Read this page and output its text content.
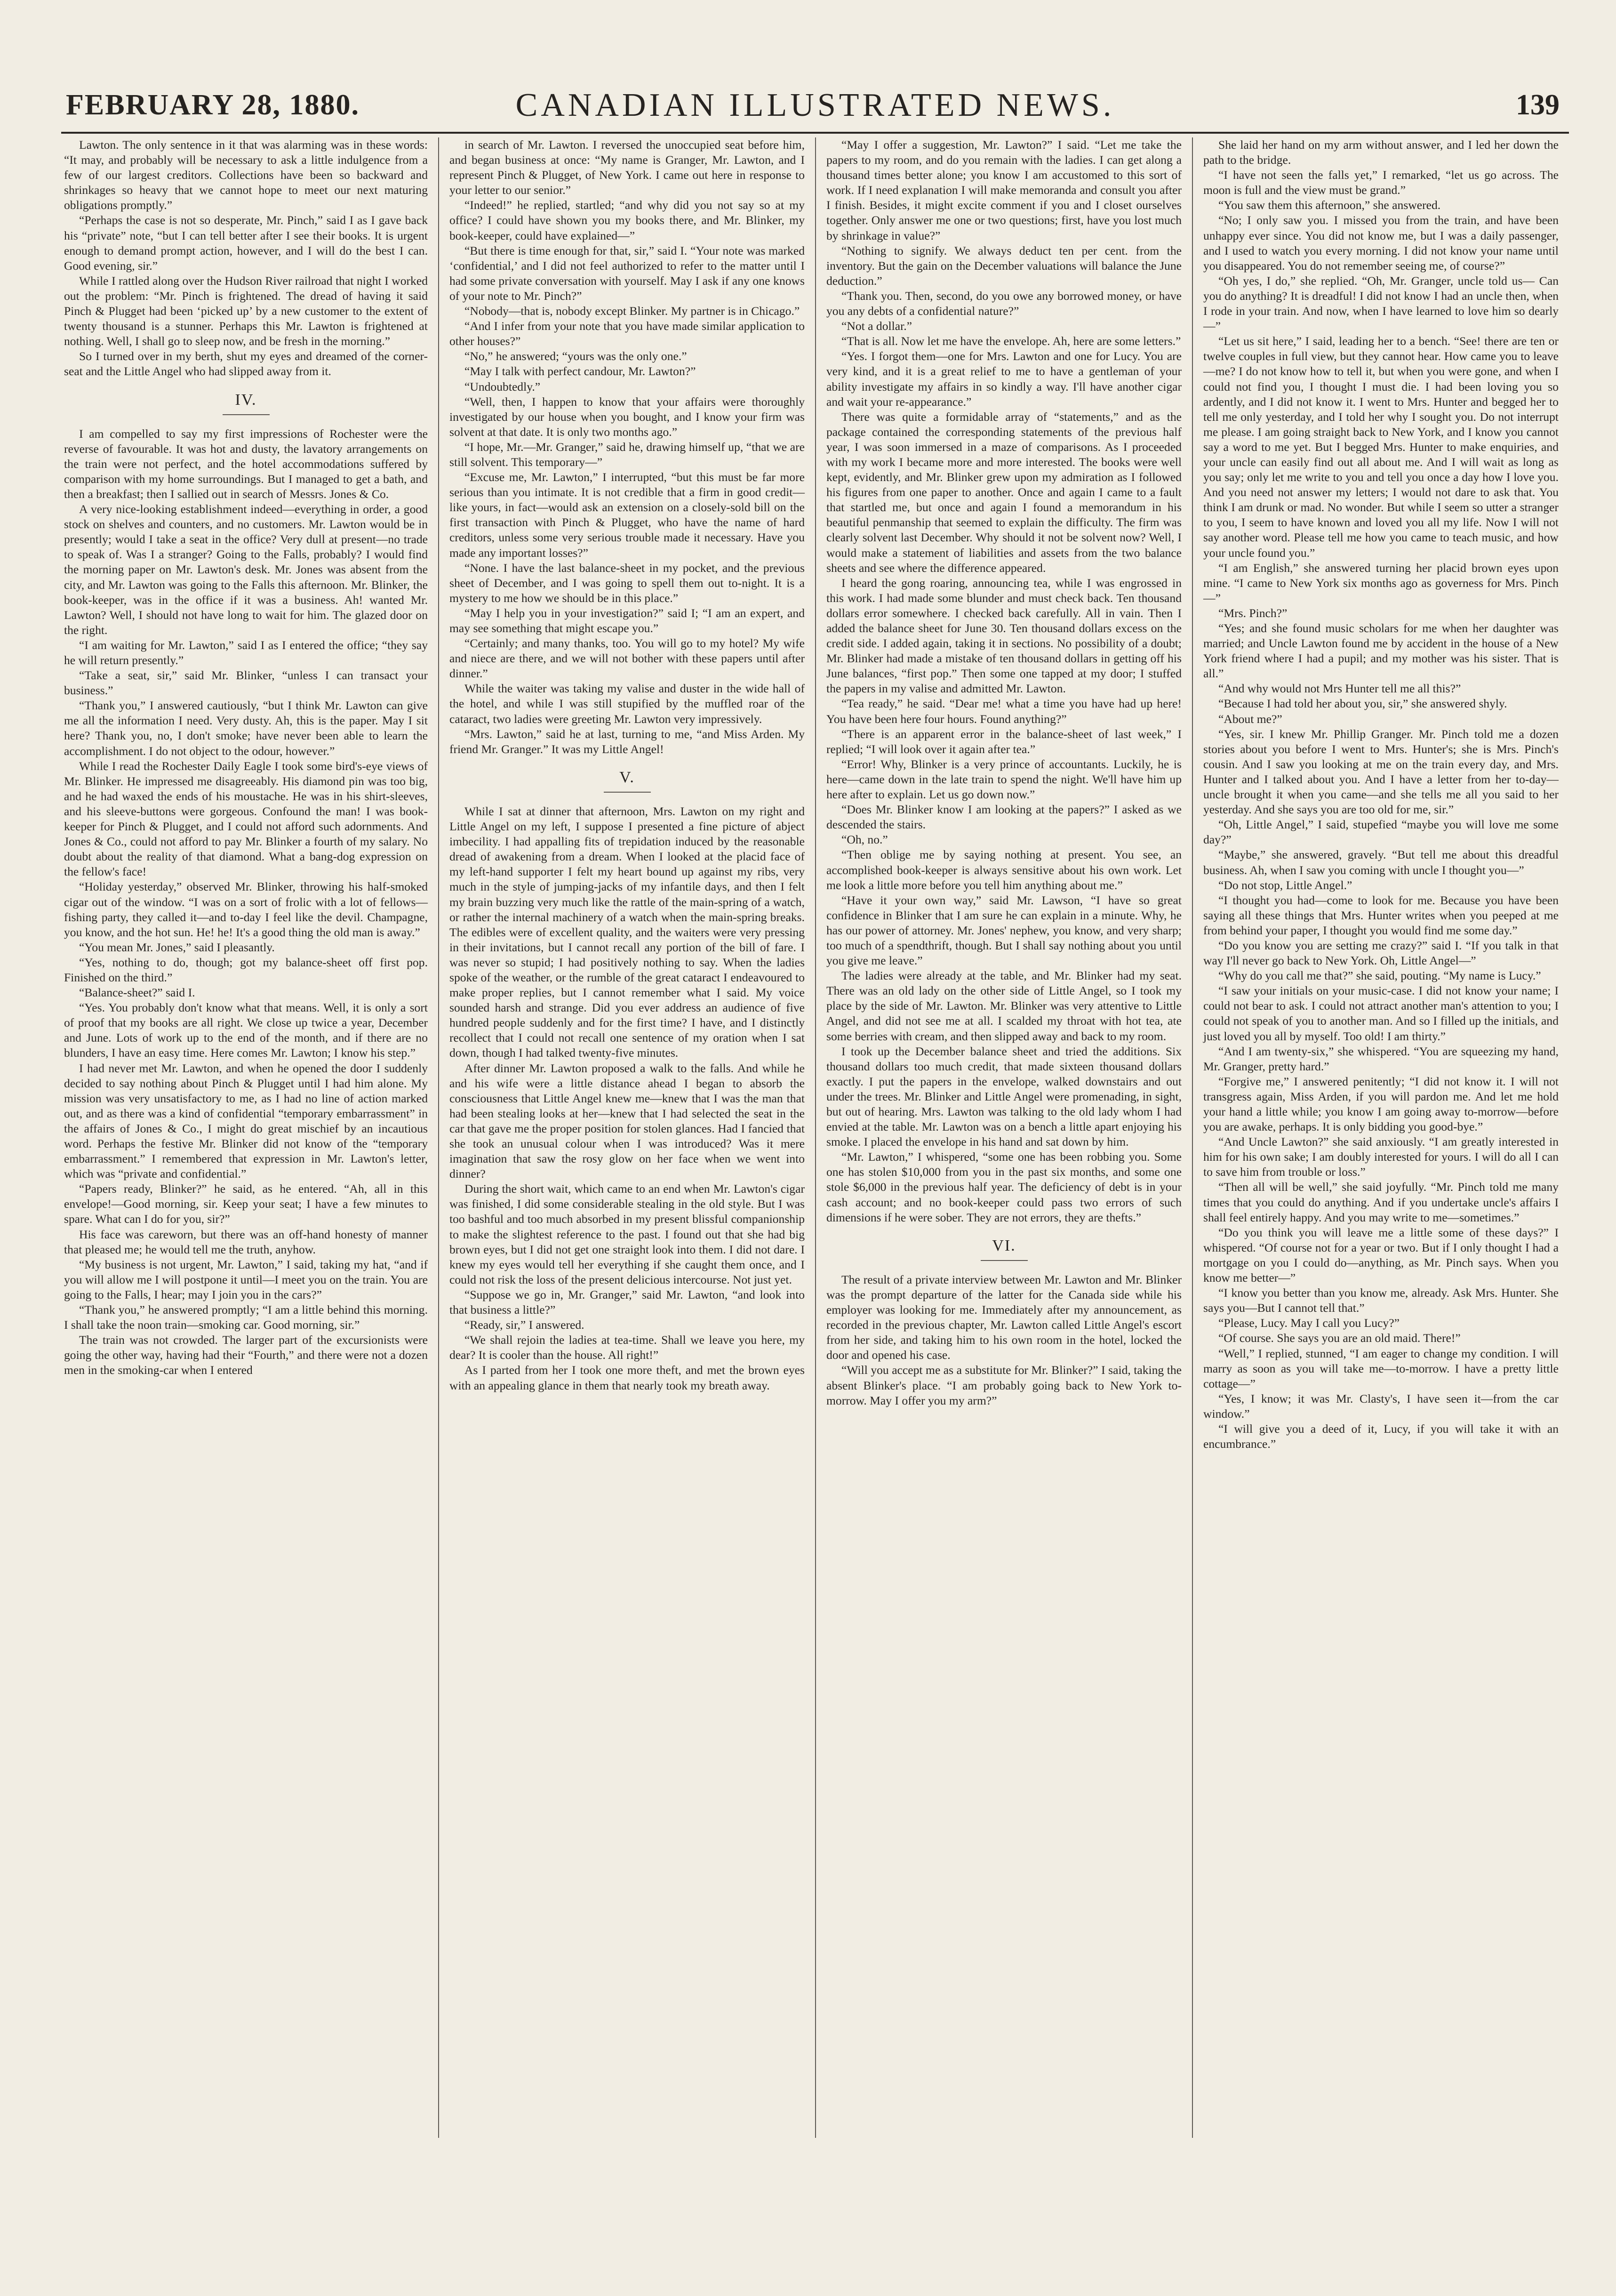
FEBRUARY 28, 1880.	CANADIAN ILLUSTRATED NEWS.	139

Lawton. The only sentence in it that was alarming was in these words: “It may, and probably will be necessary to ask a little indulgence from a few of our largest creditors. Collections have been so backward and shrinkages so heavy that we cannot hope to meet our next maturing obligations promptly.”

“Perhaps the case is not so desperate, Mr. Pinch,” said I as I gave back his “private” note, “but I can tell better after I see their books. It is urgent enough to demand prompt action, however, and I will do the best I can. Good evening, sir.”

While I rattled along over the Hudson River railroad that night I worked out the problem: “Mr. Pinch is frightened. The dread of having it said Pinch & Plugget had been ‘picked up’ by a new customer to the extent of twenty thousand is a stunner. Perhaps this Mr. Lawton is frightened at nothing. Well, I shall go to sleep now, and be fresh in the morning.”

So I turned over in my berth, shut my eyes and dreamed of the corner-seat and the Little Angel who had slipped away from it.

IV.

I am compelled to say my first impressions of Rochester were the reverse of favourable. It was hot and dusty, the lavatory arrangements on the train were not perfect, and the hotel accommodations suffered by comparison with my home surroundings. But I managed to get a bath, and then a breakfast; then I sallied out in search of Messrs. Jones & Co.

A very nice-looking establishment indeed—everything in order, a good stock on shelves and counters, and no customers. Mr. Lawton would be in presently; would I take a seat in the office? Very dull at present—no trade to speak of. Was I a stranger? Going to the Falls, probably? I would find the morning paper on Mr. Lawton's desk. Mr. Jones was absent from the city, and Mr. Lawton was going to the Falls this afternoon. Mr. Blinker, the book-keeper, was in the office if it was a business. Ah! wanted Mr. Lawton? Well, I should not have long to wait for him. The glazed door on the right.

“I am waiting for Mr. Lawton,” said I as I entered the office; “they say he will return presently.”

“Take a seat, sir,” said Mr. Blinker, “unless I can transact your business.”

“Thank you,” I answered cautiously, “but I think Mr. Lawton can give me all the information I need. Very dusty. Ah, this is the paper. May I sit here? Thank you, no, I don't smoke; have never been able to learn the accomplishment. I do not object to the odour, however.”

While I read the Rochester Daily Eagle I took some bird's-eye views of Mr. Blinker. He impressed me disagreeably. His diamond pin was too big, and he had waxed the ends of his moustache. He was in his shirt-sleeves, and his sleeve-buttons were gorgeous. Confound the man! I was book-keeper for Pinch & Plugget, and I could not afford such adornments. And Jones & Co., could not afford to pay Mr. Blinker a fourth of my salary. No doubt about the reality of that diamond. What a bang-dog expression on the fellow's face!

“Holiday yesterday,” observed Mr. Blinker, throwing his half-smoked cigar out of the window. “I was on a sort of frolic with a lot of fellows—fishing party, they called it—and to-day I feel like the devil. Champagne, you know, and the hot sun. He! he! It's a good thing the old man is away.”

“You mean Mr. Jones,” said I pleasantly.

“Yes, nothing to do, though; got my balance-sheet off first pop. Finished on the third.”

“Balance-sheet?” said I.

“Yes. You probably don't know what that means. Well, it is only a sort of proof that my books are all right. We close up twice a year, December and June. Lots of work up to the end of the month, and if there are no blunders, I have an easy time. Here comes Mr. Lawton; I know his step.”

I had never met Mr. Lawton, and when he opened the door I suddenly decided to say nothing about Pinch & Plugget until I had him alone. My mission was very unsatisfactory to me, as I had no line of action marked out, and as there was a kind of confidential “temporary embarrassment” in the affairs of Jones & Co., I might do great mischief by an incautious word. Perhaps the festive Mr. Blinker did not know of the “temporary embarrassment.” I remembered that expression in Mr. Lawton's letter, which was “private and confidential.”

“Papers ready, Blinker?” he said, as he entered. “Ah, all in this envelope!—Good morning, sir. Keep your seat; I have a few minutes to spare. What can I do for you, sir?”

His face was careworn, but there was an off-hand honesty of manner that pleased me; he would tell me the truth, anyhow.

“My business is not urgent, Mr. Lawton,” I said, taking my hat, “and if you will allow me I will postpone it until—I meet you on the train. You are going to the Falls, I hear; may I join you in the cars?”

“Thank you,” he answered promptly; “I am a little behind this morning. I shall take the noon train—smoking car. Good morning, sir.”

The train was not crowded. The larger part of the excursionists were going the other way, having had their “Fourth,” and there were not a dozen men in the smoking-car when I entered

in search of Mr. Lawton. I reversed the unoccupied seat before him, and began business at once: “My name is Granger, Mr. Lawton, and I represent Pinch & Plugget, of New York. I came out here in response to your letter to our senior.”

“Indeed!” he replied, startled; “and why did you not say so at my office? I could have shown you my books there, and Mr. Blinker, my book-keeper, could have explained—”

“But there is time enough for that, sir,” said I. “Your note was marked ‘confidential,’ and I did not feel authorized to refer to the matter until I had some private conversation with yourself. May I ask if any one knows of your note to Mr. Pinch?”

“Nobody—that is, nobody except Blinker. My partner is in Chicago.”

“And I infer from your note that you have made similar application to other houses?”

“No,” he answered; “yours was the only one.”

“May I talk with perfect candour, Mr. Lawton?”

“Undoubtedly.”

“Well, then, I happen to know that your affairs were thoroughly investigated by our house when you bought, and I know your firm was solvent at that date. It is only two months ago.”

“I hope, Mr.—Mr. Granger,” said he, drawing himself up, “that we are still solvent. This temporary—”

“Excuse me, Mr. Lawton,” I interrupted, “but this must be far more serious than you intimate. It is not credible that a firm in good credit—like yours, in fact—would ask an extension on a closely-sold bill on the first transaction with Pinch & Plugget, who have the name of hard creditors, unless some very serious trouble made it necessary. Have you made any important losses?”

“None. I have the last balance-sheet in my pocket, and the previous sheet of December, and I was going to spell them out to-night. It is a mystery to me how we should be in this place.”

“May I help you in your investigation?” said I; “I am an expert, and may see something that might escape you.”

“Certainly; and many thanks, too. You will go to my hotel? My wife and niece are there, and we will not bother with these papers until after dinner.”

While the waiter was taking my valise and duster in the wide hall of the hotel, and while I was still stupified by the muffled roar of the cataract, two ladies were greeting Mr. Lawton very impressively.

“Mrs. Lawton,” said he at last, turning to me, “and Miss Arden. My friend Mr. Granger.” It was my Little Angel!

V.

While I sat at dinner that afternoon, Mrs. Lawton on my right and Little Angel on my left, I suppose I presented a fine picture of abject imbecility. I had appalling fits of trepidation induced by the reasonable dread of awakening from a dream. When I looked at the placid face of my left-hand supporter I felt my heart bound up against my ribs, very much in the style of jumping-jacks of my infantile days, and then I felt my brain buzzing very much like the rattle of the main-spring of a watch, or rather the internal machinery of a watch when the main-spring breaks. The edibles were of excellent quality, and the waiters were very pressing in their invitations, but I cannot recall any portion of the bill of fare. I was never so stupid; I had positively nothing to say. When the ladies spoke of the weather, or the rumble of the great cataract I endeavoured to make proper replies, but I cannot remember what I said. My voice sounded harsh and strange. Did you ever address an audience of five hundred people suddenly and for the first time? I have, and I distinctly recollect that I could not recall one sentence of my oration when I sat down, though I had talked twenty-five minutes.

After dinner Mr. Lawton proposed a walk to the falls. And while he and his wife were a little distance ahead I began to absorb the consciousness that Little Angel knew me—knew that I was the man that had been stealing looks at her—knew that I had selected the seat in the car that gave me the proper position for stolen glances. Had I fancied that she took an unusual colour when I was introduced? Was it mere imagination that saw the rosy glow on her face when we went into dinner?

During the short wait, which came to an end when Mr. Lawton's cigar was finished, I did some considerable stealing in the old style. But I was too bashful and too much absorbed in my present blissful companionship to make the slightest reference to the past. I found out that she had big brown eyes, but I did not get one straight look into them. I did not dare. I knew my eyes would tell her everything if she caught them once, and I could not risk the loss of the present delicious intercourse. Not just yet.

“Suppose we go in, Mr. Granger,” said Mr. Lawton, “and look into that business a little?”

“Ready, sir,” I answered.

“We shall rejoin the ladies at tea-time. Shall we leave you here, my dear? It is cooler than the house. All right!”

As I parted from her I took one more theft, and met the brown eyes with an appealing glance in them that nearly took my breath away.

“May I offer a suggestion, Mr. Lawton?” I said. “Let me take the papers to my room, and do you remain with the ladies. I can get along a thousand times better alone; you know I am accustomed to this sort of work. If I need explanation I will make memoranda and consult you after I finish. Besides, it might excite comment if you and I closet ourselves together. Only answer me one or two questions; first, have you lost much by shrinkage in value?”

“Nothing to signify. We always deduct ten per cent. from the inventory. But the gain on the December valuations will balance the June deduction.”

“Thank you. Then, second, do you owe any borrowed money, or have you any debts of a confidential nature?”

“Not a dollar.”

“That is all. Now let me have the envelope. Ah, here are some letters.”

“Yes. I forgot them—one for Mrs. Lawton and one for Lucy. You are very kind, and it is a great relief to me to have a gentleman of your ability investigate my affairs in so kindly a way. I'll have another cigar and wait your re-appearance.”

There was quite a formidable array of “statements,” and as the package contained the corresponding statements of the previous half year, I was soon immersed in a maze of comparisons. As I proceeded with my work I became more and more interested. The books were well kept, evidently, and Mr. Blinker grew upon my admiration as I followed his figures from one paper to another. Once and again I came to a fault that startled me, but once and again I found a memorandum in his beautiful penmanship that seemed to explain the difficulty. The firm was clearly solvent last December. Why should it not be solvent now? Well, I would make a statement of liabilities and assets from the two balance sheets and see where the difference appeared.

I heard the gong roaring, announcing tea, while I was engrossed in this work. I had made some blunder and must check back. Ten thousand dollars error somewhere. I checked back carefully. All in vain. Then I added the balance sheet for June 30. Ten thousand dollars excess on the credit side. I added again, taking it in sections. No possibility of a doubt; Mr. Blinker had made a mistake of ten thousand dollars in getting off his June balances, “first pop.” Then some one tapped at my door; I stuffed the papers in my valise and admitted Mr. Lawton.

“Tea ready,” he said. “Dear me! what a time you have had up here! You have been here four hours. Found anything?”

“There is an apparent error in the balance-sheet of last week,” I replied; “I will look over it again after tea.”

“Error! Why, Blinker is a very prince of accountants. Luckily, he is here—came down in the late train to spend the night. We'll have him up here after to explain. Let us go down now.”

“Does Mr. Blinker know I am looking at the papers?” I asked as we descended the stairs.

“Oh, no.”

“Then oblige me by saying nothing at present. You see, an accomplished book-keeper is always sensitive about his own work. Let me look a little more before you tell him anything about me.”

“Have it your own way,” said Mr. Lawson, “I have so great confidence in Blinker that I am sure he can explain in a minute. Why, he has our power of attorney. Mr. Jones' nephew, you know, and very sharp; too much of a spendthrift, though. But I shall say nothing about you until you give me leave.”

The ladies were already at the table, and Mr. Blinker had my seat. There was an old lady on the other side of Little Angel, so I took my place by the side of Mr. Lawton. Mr. Blinker was very attentive to Little Angel, and did not see me at all. I scalded my throat with hot tea, ate some berries with cream, and then slipped away and back to my room.

I took up the December balance sheet and tried the additions. Six thousand dollars too much credit, that made sixteen thousand dollars exactly. I put the papers in the envelope, walked downstairs and out under the trees. Mr. Blinker and Little Angel were promenading, in sight, but out of hearing. Mrs. Lawton was talking to the old lady whom I had envied at the table. Mr. Lawton was on a bench a little apart enjoying his smoke. I placed the envelope in his hand and sat down by him.

“Mr. Lawton,” I whispered, “some one has been robbing you. Some one has stolen $10,000 from you in the past six months, and some one stole $6,000 in the previous half year. The deficiency of debt is in your cash account; and no book-keeper could pass two errors of such dimensions if he were sober. They are not errors, they are thefts.”

VI.

The result of a private interview between Mr. Lawton and Mr. Blinker was the prompt departure of the latter for the Canada side while his employer was looking for me. Immediately after my announcement, as recorded in the previous chapter, Mr. Lawton called Little Angel's escort from her side, and taking him to his own room in the hotel, locked the door and opened his case.

“Will you accept me as a substitute for Mr. Blinker?” I said, taking the absent Blinker's place. “I am probably going back to New York to-morrow. May I offer you my arm?”

She laid her hand on my arm without answer, and I led her down the path to the bridge.

“I have not seen the falls yet,” I remarked, “let us go across. The moon is full and the view must be grand.”

“You saw them this afternoon,” she answered.

“No; I only saw you. I missed you from the train, and have been unhappy ever since. You did not know me, but I was a daily passenger, and I used to watch you every morning. I did not know your name until you disappeared. You do not remember seeing me, of course?”

“Oh yes, I do,” she replied. “Oh, Mr. Granger, uncle told us— Can you do anything? It is dreadful! I did not know I had an uncle then, when I rode in your train. And now, when I have learned to love him so dearly—”

“Let us sit here,” I said, leading her to a bench. “See! there are ten or twelve couples in full view, but they cannot hear. How came you to leave—me? I do not know how to tell it, but when you were gone, and when I could not find you, I thought I must die. I had been loving you so ardently, and I did not know it. I went to Mrs. Hunter and begged her to tell me only yesterday, and I told her why I sought you. Do not interrupt me please. I am going straight back to New York, and I know you cannot say a word to me yet. But I begged Mrs. Hunter to make enquiries, and your uncle can easily find out all about me. And I will wait as long as you say; only let me write to you and tell you once a day how I love you. And you need not answer my letters; I would not dare to ask that. You think I am drunk or mad. No wonder. But while I seem so utter a stranger to you, I seem to have known and loved you all my life. Now I will not say another word. Please tell me how you came to teach music, and how your uncle found you.”

“I am English,” she answered turning her placid brown eyes upon mine. “I came to New York six months ago as governess for Mrs. Pinch—”

“Mrs. Pinch?”

“Yes; and she found music scholars for me when her daughter was married; and Uncle Lawton found me by accident in the house of a New York friend where I had a pupil; and my mother was his sister. That is all.”

“And why would not Mrs Hunter tell me all this?”

“Because I had told her about you, sir,” she answered shyly.

“About me?”

“Yes, sir. I knew Mr. Phillip Granger. Mr. Pinch told me a dozen stories about you before I went to Mrs. Hunter's; she is Mrs. Pinch's cousin. And I saw you looking at me on the train every day, and Mrs. Hunter and I talked about you. And I have a letter from her to-day—uncle brought it when you came—and she tells me all you said to her yesterday. And she says you are too old for me, sir.”

“Oh, Little Angel,” I said, stupefied “maybe you will love me some day?”

“Maybe,” she answered, gravely. “But tell me about this dreadful business. Ah, when I saw you coming with uncle I thought you—”

“Do not stop, Little Angel.”

“I thought you had—come to look for me. Because you have been saying all these things that Mrs. Hunter writes when you peeped at me from behind your paper, I thought you would find me some day.”

“Do you know you are setting me crazy?” said I. “If you talk in that way I'll never go back to New York. Oh, Little Angel—”

“Why do you call me that?” she said, pouting. “My name is Lucy.”

“I saw your initials on your music-case. I did not know your name; I could not bear to ask. I could not attract another man's attention to you; I could not speak of you to another man. And so I filled up the initials, and just loved you all by myself. Too old! I am thirty.”

“And I am twenty-six,” she whispered. “You are squeezing my hand, Mr. Granger, pretty hard.”

“Forgive me,” I answered penitently; “I did not know it. I will not transgress again, Miss Arden, if you will pardon me. And let me hold your hand a little while; you know I am going away to-morrow—before you are awake, perhaps. It is only bidding you good-bye.”

“And Uncle Lawton?” she said anxiously. “I am greatly interested in him for his own sake; I am doubly interested for yours. I will do all I can to save him from trouble or loss.”

“Then all will be well,” she said joyfully. “Mr. Pinch told me many times that you could do anything. And if you undertake uncle's affairs I shall feel entirely happy. And you may write to me—sometimes.”

“Do you think you will leave me a little some of these days?” I whispered. “Of course not for a year or two. But if I only thought I had a mortgage on you I could do—anything, as Mr. Pinch says. When you know me better—”

“I know you better than you know me, already. Ask Mrs. Hunter. She says you—But I cannot tell that.”

“Please, Lucy. May I call you Lucy?”

“Of course. She says you are an old maid. There!”

“Well,” I replied, stunned, “I am eager to change my condition. I will marry as soon as you will take me—to-morrow. I have a pretty little cottage—”

“Yes, I know; it was Mr. Clasty's, I have seen it—from the car window.”

“I will give you a deed of it, Lucy, if you will take it with an encumbrance.”
